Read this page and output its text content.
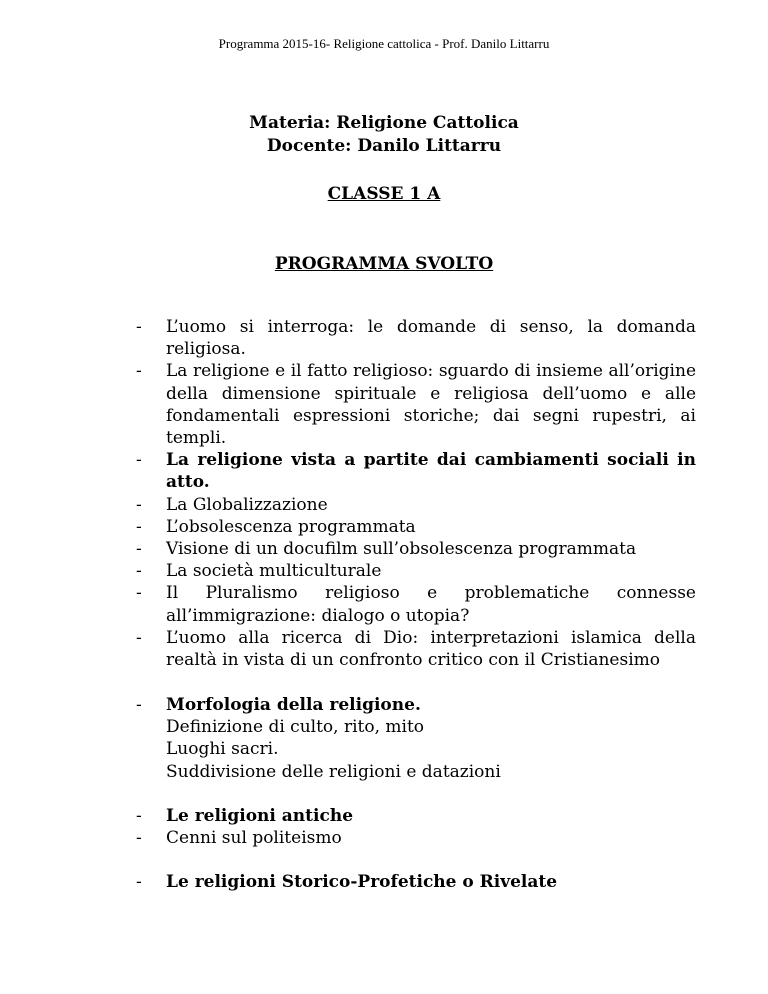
Programma 2015-16- Religione cattolica - Prof. Danilo Littarru
Materia: Religione Cattolica
Docente: Danilo Littarru
CLASSE 1 A
PROGRAMMA SVOLTO
-	L’uomo si interroga: le domande di senso, la domanda religiosa.
-	La religione e il fatto religioso: sguardo di insieme all’origine della dimensione spirituale e religiosa dell’uomo e alle fondamentali espressioni storiche; dai segni rupestri, ai templi.
-	La religione vista a partite dai cambiamenti sociali in atto.
-	La Globalizzazione
-	L’obsolescenza programmata
-	Visione di un docufilm sull’obsolescenza programmata
-	La società multiculturale
-	Il Pluralismo religioso e problematiche connesse all’immigrazione: dialogo o utopia?
-	L’uomo alla ricerca di Dio: interpretazioni islamica della realtà in vista di un confronto critico con il Cristianesimo
-	Morfologia della religione.
Definizione di culto, rito, mito
Luoghi sacri.
Suddivisione delle religioni e datazioni
-	Le religioni antiche
-	Cenni sul politeismo
-	Le religioni Storico-Profetiche o Rivelate
